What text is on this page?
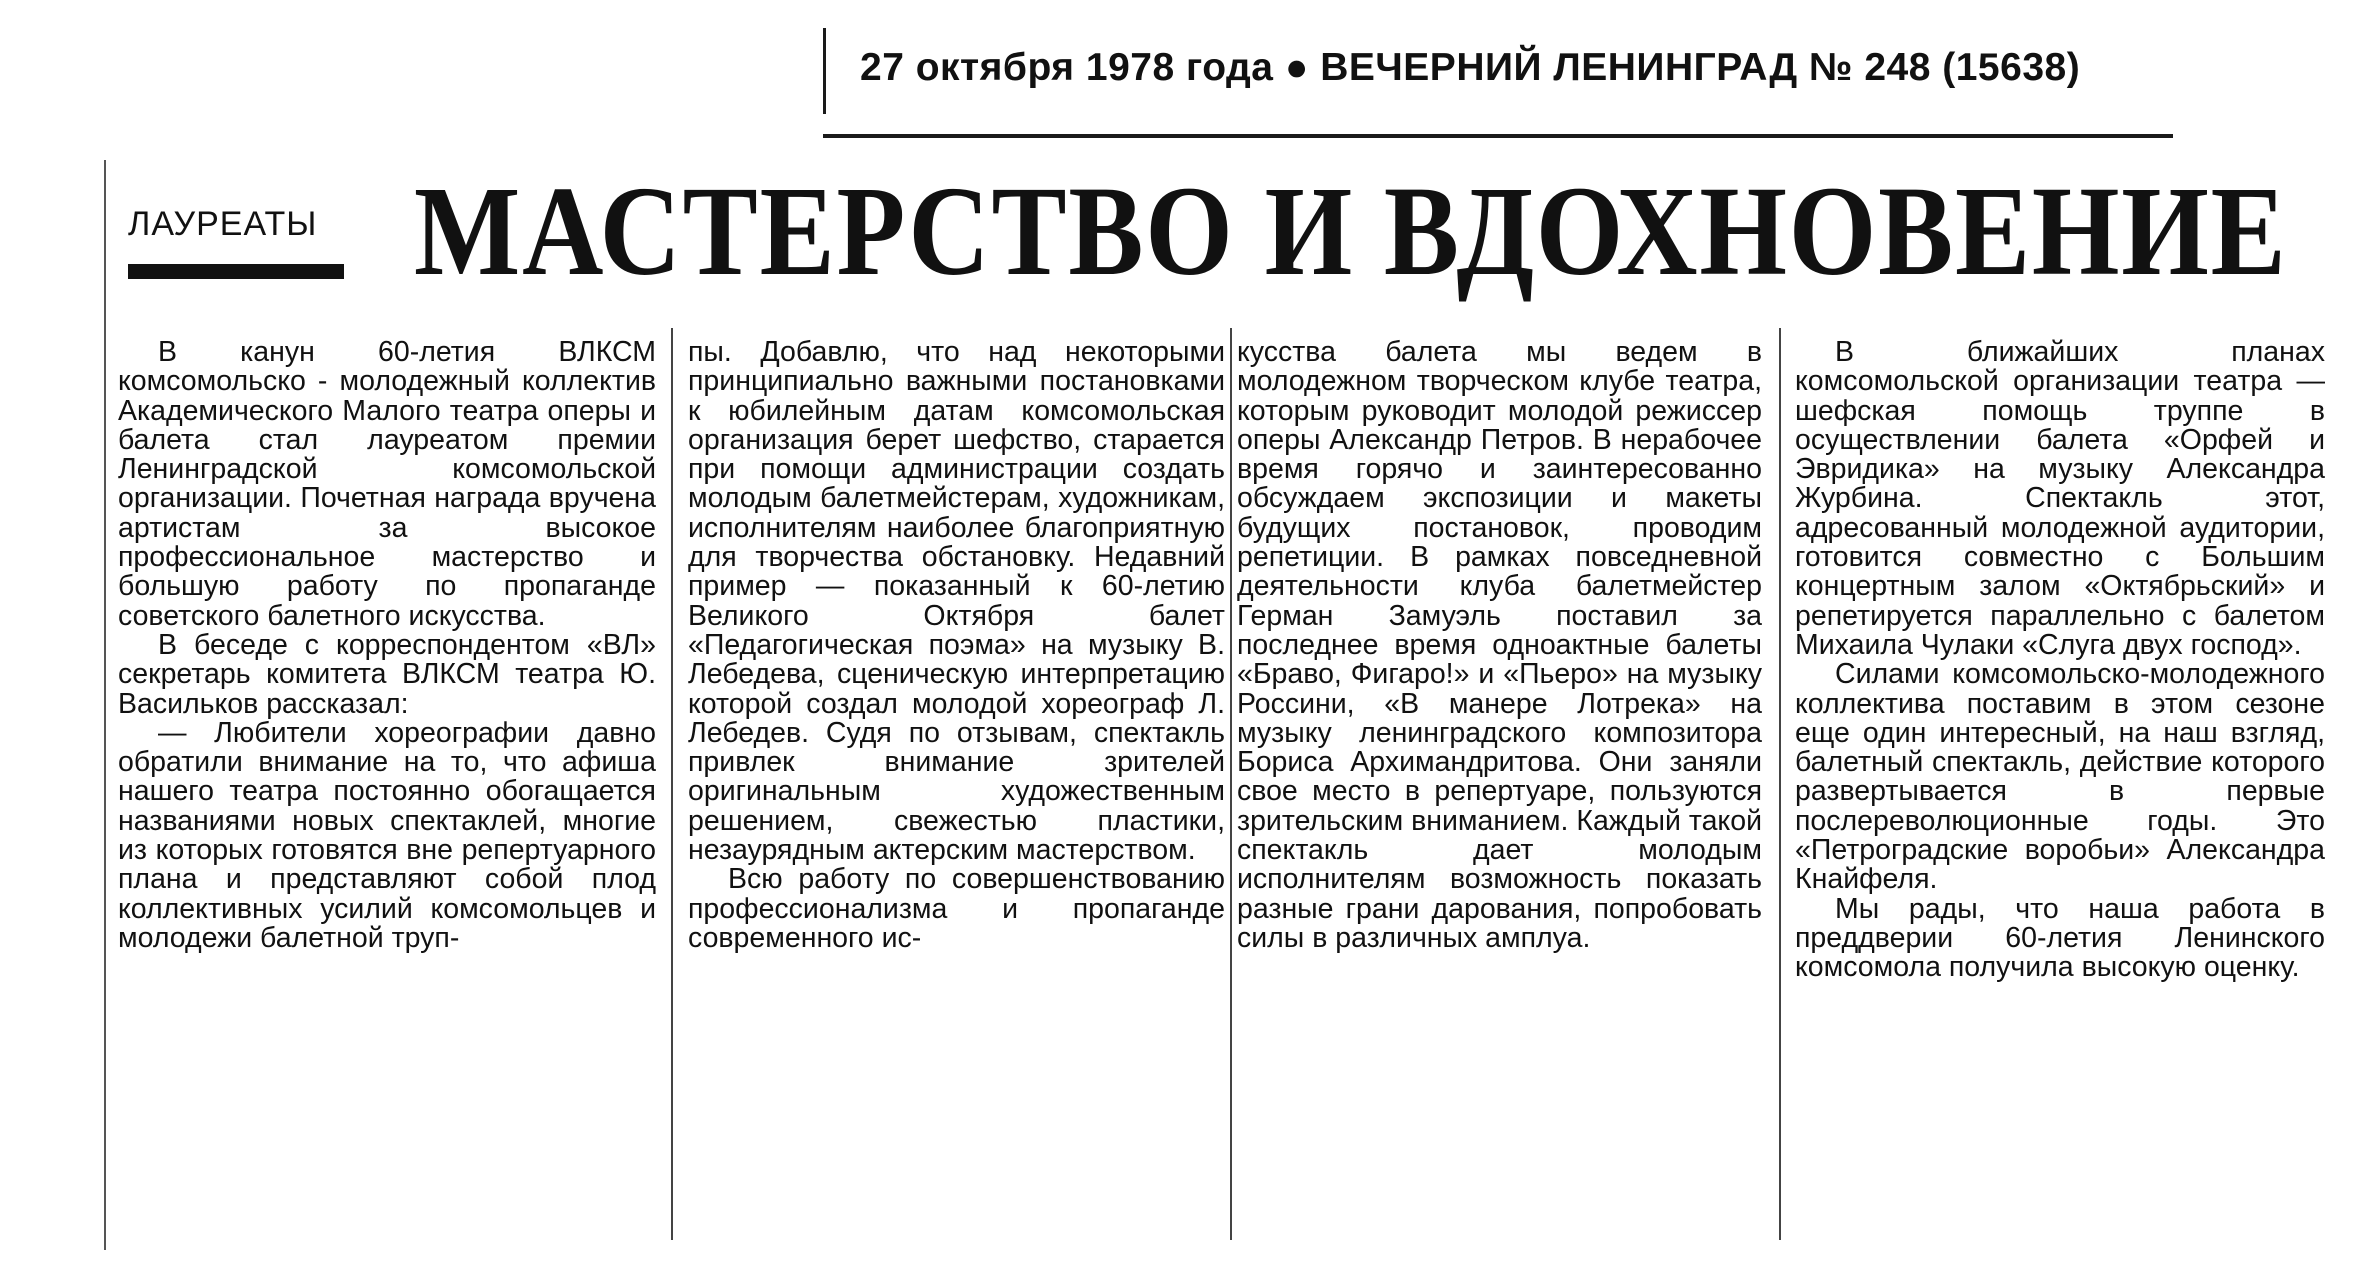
27 октября 1978 года ● ВЕЧЕРНИЙ ЛЕНИНГРАД № 248 (15638)
ЛАУРЕАТЫ МАСТЕРСТВО И ВДОХНОВЕНИЕ

В канун 60-летия ВЛКСМ комсомольско - молодежный коллектив Академического Малого театра оперы и балета стал лауреатом премии Ленинградской комсомольской организации. Почетная награда вручена артистам за высокое профессиональное мастерство и большую работу по пропаганде советского балетного искусства.

В беседе с корреспондентом «ВЛ» секретарь комитета ВЛКСМ театра Ю. Васильков рассказал:

— Любители хореографии давно обратили внимание на то, что афиша нашего театра постоянно обогащается названиями новых спектаклей, многие из которых готовятся вне репертуарного плана и представляют собой плод коллективных усилий комсомольцев и молодежи балетной труп-

пы. Добавлю, что над некоторыми принципиально важными постановками к юбилейным датам комсомольская организация берет шефство, старается при помощи администрации создать молодым балетмейстерам, художникам, исполнителям наиболее благоприятную для творчества обстановку. Недавний пример — показанный к 60-летию Великого Октября балет «Педагогическая поэма» на музыку В. Лебедева, сценическую интерпретацию которой создал молодой хореограф Л. Лебедев. Судя по отзывам, спектакль привлек внимание зрителей оригинальным художественным решением, свежестью пластики, незаурядным актерским мастерством.

Всю работу по совершенствованию профессионализма и пропаганде современного ис-

кусства балета мы ведем в молодежном творческом клубе театра, которым руководит молодой режиссер оперы Александр Петров. В нерабочее время горячо и заинтересованно обсуждаем экспозиции и макеты будущих постановок, проводим репетиции. В рамках повседневной деятельности клуба балетмейстер Герман Замуэль поставил за последнее время одноактные балеты «Браво, Фигаро!» и «Пьеро» на музыку Россини, «В манере Лотрека» на музыку ленинградского композитора Бориса Архимандритова. Они заняли свое место в репертуаре, пользуются зрительским вниманием. Каждый такой спектакль дает молодым исполнителям возможность показать разные грани дарования, попробовать силы в различных амплуа.

В ближайших планах комсомольской организации театра — шефская помощь труппе в осуществлении балета «Орфей и Эвридика» на музыку Александра Журбина. Спектакль этот, адресованный молодежной аудитории, готовится совместно с Большим концертным залом «Октябрьский» и репетируется параллельно с балетом Михаила Чулаки «Слуга двух господ».

Силами комсомольско-молодежного коллектива поставим в этом сезоне еще один интересный, на наш взгляд, балетный спектакль, действие которого развертывается в первые послереволюционные годы. Это «Петроградские воробьи» Александра Кнайфеля.

Мы рады, что наша работа в преддверии 60-летия Ленинского комсомола получила высокую оценку.
